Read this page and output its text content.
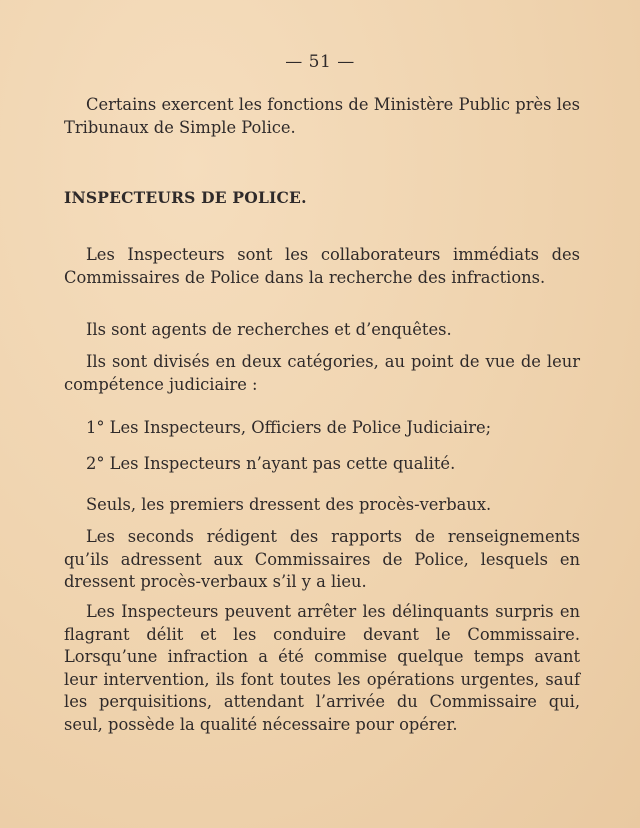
— 51 —
Certains exercent les fonctions de Ministère Public près les Tribunaux de Simple Police.
INSPECTEURS DE POLICE.
Les Inspecteurs sont les collaborateurs immédiats des Commissaires de Police dans la recherche des infractions.
Ils sont agents de recherches et d’enquêtes.
Ils sont divisés en deux catégories, au point de vue de leur compétence judiciaire :
1° Les Inspecteurs, Officiers de Police Judiciaire;
2° Les Inspecteurs n’ayant pas cette qualité.
Seuls, les premiers dressent des procès-verbaux.
Les seconds rédigent des rapports de renseignements qu’ils adressent aux Commissaires de Police, lesquels en dressent procès-verbaux s’il y a lieu.
Les Inspecteurs peuvent arrêter les délinquants surpris en flagrant délit et les conduire devant le Commissaire. Lorsqu’une infraction a été commise quelque temps avant leur intervention, ils font toutes les opérations urgentes, sauf les perquisitions, attendant l’arrivée du Commissaire qui, seul, possède la qualité nécessaire pour opérer.
